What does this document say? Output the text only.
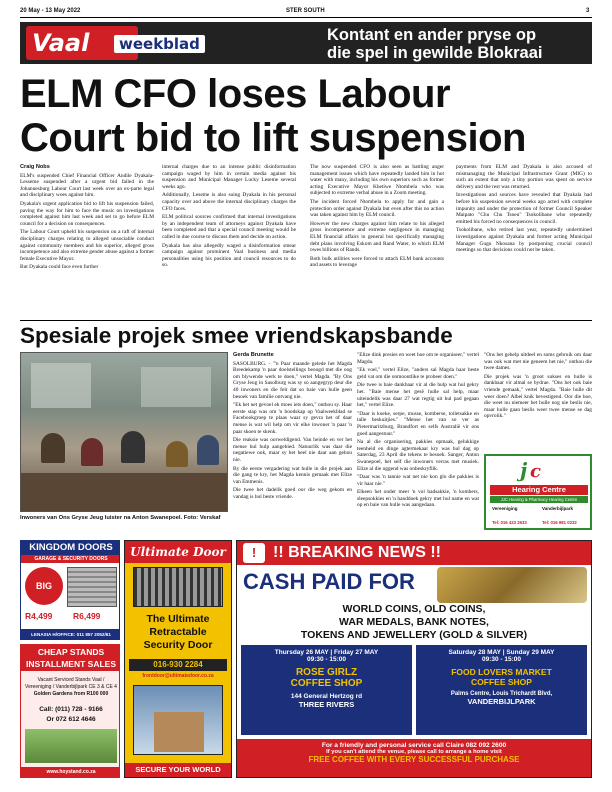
20 May - 13 May 2022	STER SOUTH	3
Vaal	weekblad	Kontant en ander pryse op
die spel in gewilde Blokraai
ELM CFO loses Labour
Court bid to lift suspension
Craig Nobs

ELM's suspended Chief Financial Officer Andile Dyakala-Lesseme suspended after a urgent bid failed in the Johannesburg Labour Court last week over an ex-parte legal and disciplinary woes against him.

Dyakala's urgent application bid to lift his suspension failed, paving the way for him to face the music on investigations completed against him last week and set to go before ELM council for a decision on consequences.

The Labour Court upheld his suspension on a raft of internal disciplinary charges relating to alleged unsociable conduct against community members and his superior, alleged gross incompetence and also extreme gender abuse against a former female Executive Mayor.

But Dyakala could face even further

internal charges due to an intense public disinformation campaign waged by him in certain media against his suspension and Municipal Manager Lucky Leseme several weeks ago.

Additionally, Leseme is also suing Dyakala in his personal capacity over and above the internal disciplinary charges the CFO faces.

ELM political sources confirmed that internal investigations by an independent team of attorneys against Dyakala have been completed and that a special council meeting would be called in due course to discuss them and decide on action.

Dyakala has also allegedly waged a disinformation smear campaign against prominent Vaal business and media personalities using his position and council resources to do so.

The now suspended CFO is also seen as battling anger management issues which have repeatedly landed him in hot water with many, including his own superiors such as former acting Executive Mayor Khetiwe Ntombela who was subjected to extreme verbal abuse in a Zoom meeting.

The incident forced Ntombela to apply for and gain a protection order against Dyakala but even after this no action was taken against him by ELM council.

However the new charges against him relate to his alleged gross incompetence and extreme negligence in managing ELM financial affairs in general but specifically managing debt plans involving Eskom and Rand Water, to which ELM owes billions of Rands.

Both bulk utilities were forced to attach ELM bank accounts and assets to leverage

payments from ELM and Dyakala is also accused of mismanaging the Municipal Infrastructure Grant (MIG) to such an extent that only a tiny portion was spent on service delivery and the rest was returned.

Investigations and sources have revealed that Dyakala had before his suspension several weeks ago acted with complete impunity and under the protection of former Council Speaker Maipato "Chu Chu Tsoeu" Tsokolibane who repeatedly emitted his forced no consequences in council.

Tsokolibane, who retired last year, repeatedly undermined investigations against Dyakala and former acting Municipal Manager Gugu Nkosana by postponing crucial council meetings so that decisions could not be taken.

Spesiale projek smee vriendskapsbande
Inwoners van Ons Gryse Jeug luister na Anton Swanepoel. Foto: Verskaf
Gerda Brunette

SASOLBURG. - "'n Paar maande gelede het Magda Breedekamp 'n paar doelstellings beoogd met die oog om blywende werk te doen," vertel Magda. "By Ons Gryse Jeug in Sasolburg was sy so aangegryp deur die 40 inwoners en die feit dat so baie van hulle geen besoek van familie ontvang nie.

"Ek het net gevoel ek moes iets doen," onthou sy. Haar eerste stap was om 'n boodskap op Vaalweekblad se Facebookgroep te plaas waar sy gevra het of daar mense is wat wil help om vir elke inwoner 'n paar 'n paar skoen te skenk.

Die reaksie was oorweldigend. Van heinde en ver het mense hul hulp aangebied. Natuurlik was daar die negatiewe ook, maar sy het heel nie daar aan gehou nie.

By die eerste vergadering wat hulle in die projek aan die gang te kry, het Magda kennis gemaak met Elize van Emmenis.

Die twee het dadelik goed oor die weg gekom en vandag is hul beste vriende.

"Elize dink presies en weet hoe om te organiseer," vertel Magda.

"Ek voel," vertel Elize, "anders sal Magda haar beste geld vat om die onmoontlike te probeer doen."

Die twee is baie dankbaar vir al die hulp wat hul gekry het. "Baie mense het gesê hulle sal help, maar uiteindelik was daar 27 wat regtig uit hul pad gegaan het," vertel Elize.

"Daar is koeke, serpe, musse, komberse, toiletsakke en talle beskuitjies." "Mense het van so ver as Pietermaritzburg, Brandfort en selfs Australië vir ons goed aangestuur."

Na al die organisering, pakkies opmaak, gelukkige teenheid en dinge agtermekaar kry was hul dag op Saterdag, 23 April die tekens te besoek. Sanger, Anton Swanepoel, het self die inwoners verras met musiek. Elize al die oggend was onbeskryflik.

"Daar was 'n tannie wat net nie kon glo die pakkies is vir haar nie."

Elkeen het onder meer 'n vol badsakkie, 'n kombers, sleepsokkies en 'n handdoek gekry met hul name en wat op en baie van hulle was aangedaan.

"Ons het gehelp uitdeel en soms gebruik om daar was ook wat met nie geneem het nie," onthou die twee dames.

Die projek was 'n groot sukses en hulle is dankbaar vir almal se bydrae. "Ons het ook baie vriende gemaak," vertel Magda. "Baie hulle dit weer doen? Albei knik bevestigend. Oor die hoe, die weet nu niemeer het hulle nog nie beslis nie, maar hulle gaan beslis weer twee mense se dag opvrolik."

j c
Hearing Centre
JJC Hearing & Pharmacy Hearing Centre
Vereeniging	Vanderbijlpark
Tel: 016 423 2633	Tel: 016 981 0232
KINGDOM DOORS
GARAGE & SECURITY DOORS
BIG SALE
R4,499 R6,499
LENASIA H/OFFICE: 011 857 2052/61
CHEAP STANDS
INSTALLMENT SALES
Vacant Serviced Stands Vaal /
Vereeniging / Vanderbijlpark CE 3 & CE 4
Golden Gardens from R100 000
Call: (011) 728 - 9166
Or 072 612 4646
www.hoystand.co.za
Ultimate Door
The Ultimate
Retractable
Security Door
016-930 2284
frontdoor@ultimatedoor.co.za
SECURE YOUR WORLD
!! BREAKING NEWS !!
!
CASH PAID FOR
WORLD COINS, OLD COINS,
WAR MEDALS, BANK NOTES,
TOKENS AND JEWELLERY (GOLD & SILVER)
Thursday 26 MAY | Friday 27 MAY
09:30 - 15:00
ROSE GIRLZ
COFFEE SHOP
144 General Hertzog rd
THREE RIVERS
Saturday 28 MAY | Sunday 29 MAY
09:30 - 15:00
FOOD LOVERS MARKET
COFFEE SHOP
Palms Centre, Louis Trichardt Blvd,
VANDERBIJLPARK
For a friendly and personal service call Claire 082 092 2600
If you can't attend the venue, please call to arrange a home visit
FREE COFFEE WITH EVERY SUCCESSFUL PURCHASE
